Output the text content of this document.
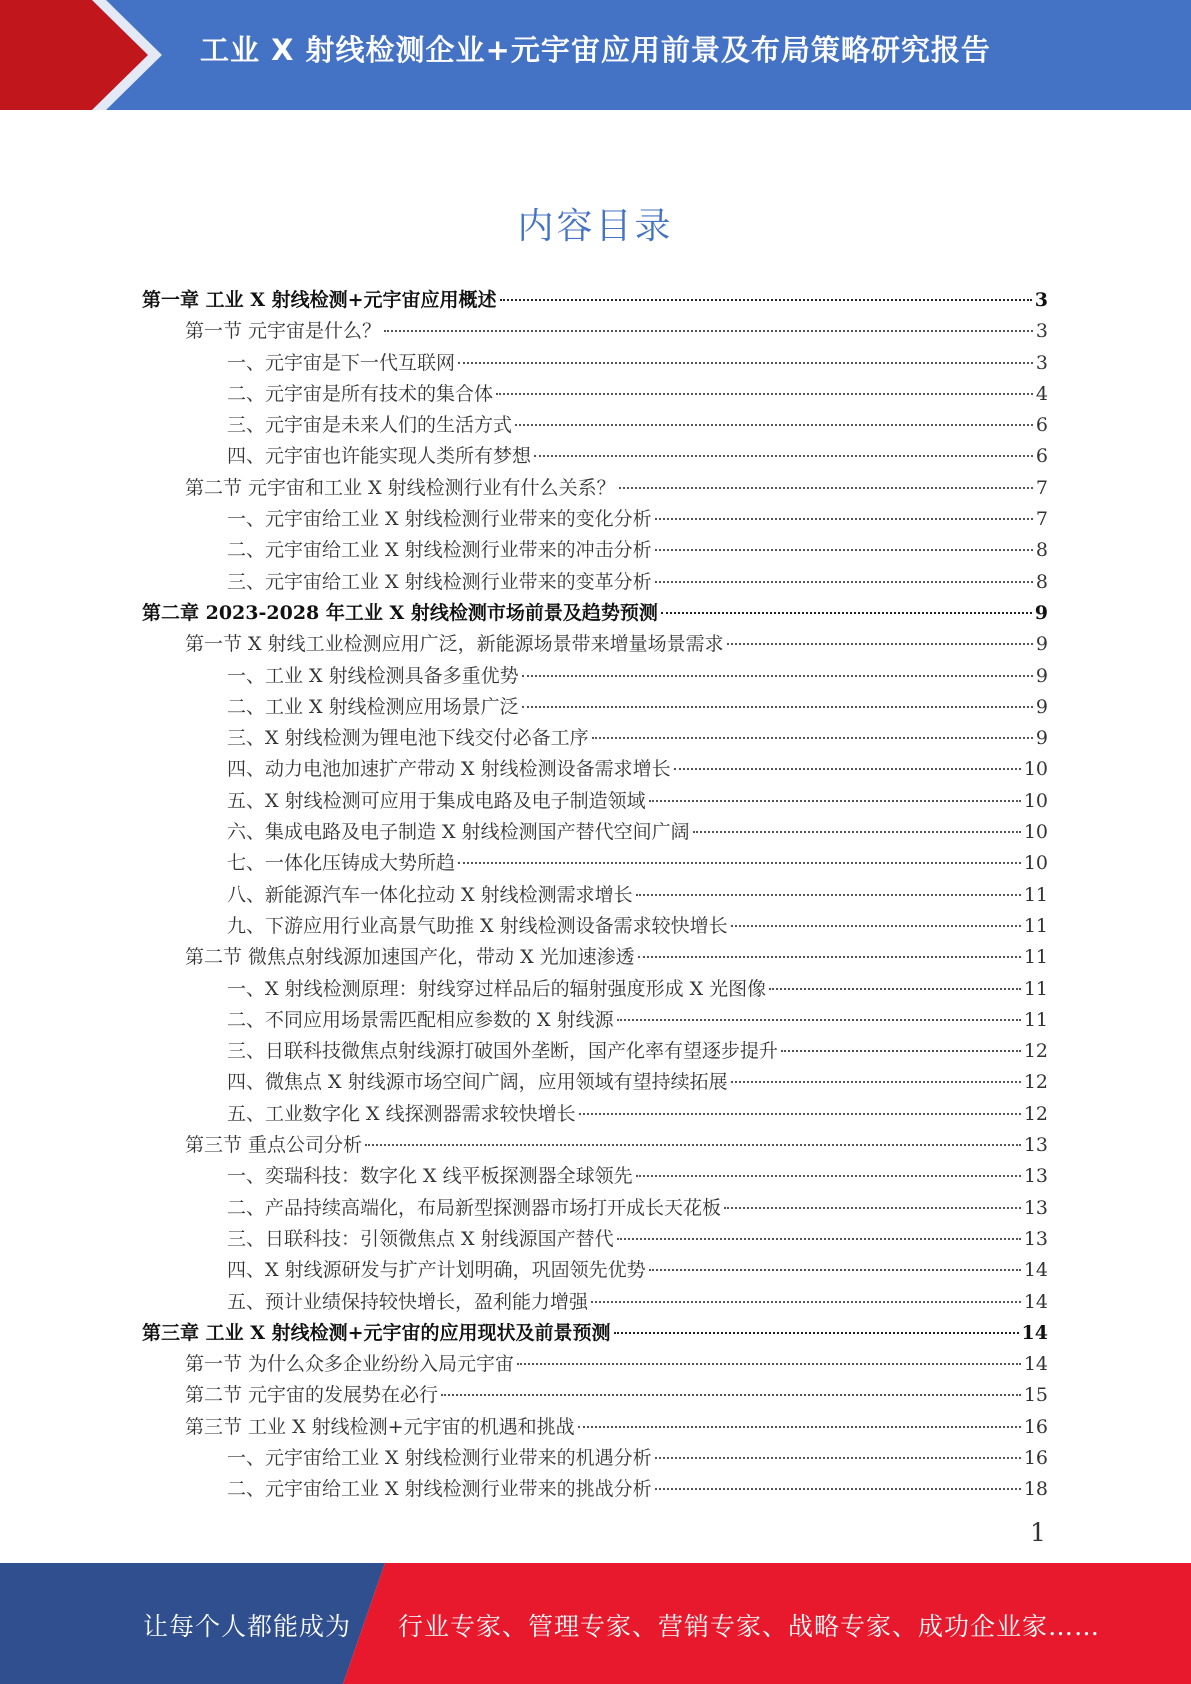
工业 X 射线检测企业+元宇宙应用前景及布局策略研究报告
内容目录
第一章 工业 X 射线检测+元宇宙应用概述	3
第一节 元宇宙是什么？	3
一、元宇宙是下一代互联网	3
二、元宇宙是所有技术的集合体	4
三、元宇宙是未来人们的生活方式	6
四、元宇宙也许能实现人类所有梦想	6
第二节 元宇宙和工业 X 射线检测行业有什么关系？	7
一、元宇宙给工业 X 射线检测行业带来的变化分析	7
二、元宇宙给工业 X 射线检测行业带来的冲击分析	8
三、元宇宙给工业 X 射线检测行业带来的变革分析	8
第二章 2023-2028 年工业 X 射线检测市场前景及趋势预测	9
第一节 X 射线工业检测应用广泛，新能源场景带来增量场景需求	9
一、工业 X 射线检测具备多重优势	9
二、工业 X 射线检测应用场景广泛	9
三、X 射线检测为锂电池下线交付必备工序	9
四、动力电池加速扩产带动 X 射线检测设备需求增长	10
五、X 射线检测可应用于集成电路及电子制造领域	10
六、集成电路及电子制造 X 射线检测国产替代空间广阔	10
七、一体化压铸成大势所趋	10
八、新能源汽车一体化拉动 X 射线检测需求增长	11
九、下游应用行业高景气助推 X 射线检测设备需求较快增长	11
第二节 微焦点射线源加速国产化，带动 X 光加速渗透	11
一、X 射线检测原理：射线穿过样品后的辐射强度形成 X 光图像	11
二、不同应用场景需匹配相应参数的 X 射线源	11
三、日联科技微焦点射线源打破国外垄断，国产化率有望逐步提升	12
四、微焦点 X 射线源市场空间广阔，应用领域有望持续拓展	12
五、工业数字化 X 线探测器需求较快增长	12
第三节 重点公司分析	13
一、奕瑞科技：数字化 X 线平板探测器全球领先	13
二、产品持续高端化，布局新型探测器市场打开成长天花板	13
三、日联科技：引领微焦点 X 射线源国产替代	13
四、X 射线源研发与扩产计划明确，巩固领先优势	14
五、预计业绩保持较快增长，盈利能力增强	14
第三章 工业 X 射线检测+元宇宙的应用现状及前景预测	14
第一节 为什么众多企业纷纷入局元宇宙	14
第二节 元宇宙的发展势在必行	15
第三节 工业 X 射线检测+元宇宙的机遇和挑战	16
一、元宇宙给工业 X 射线检测行业带来的机遇分析	16
二、元宇宙给工业 X 射线检测行业带来的挑战分析	18
1
让每个人都能成为 行业专家、管理专家、营销专家、战略专家、成功企业家……
